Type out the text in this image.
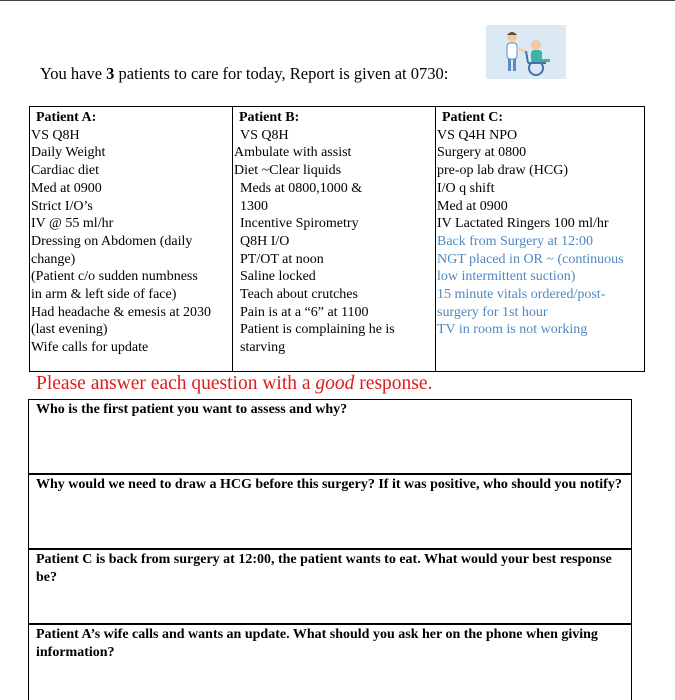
You have 3 patients to care for today, Report is given at 0730:
Patient A:
VS Q8H
Daily Weight
Cardiac diet
Med at 0900
Strict I/O’s
IV @ 55 ml/hr
Dressing on Abdomen (daily
change)
(Patient c/o sudden numbness
in arm & left side of face)
Had headache & emesis at 2030
(last evening)
Wife calls for update
Patient B:
VS Q8H
Ambulate with assist
Diet ~Clear liquids
Meds at 0800,1000 &
1300
Incentive Spirometry
Q8H I/O
PT/OT at noon
Saline locked
Teach about crutches
Pain is at a “6” at 1100
Patient is complaining he is
starving
Patient C:
VS Q4H NPO
Surgery at 0800
pre-op lab draw (HCG)
I/O q shift
Med at 0900
IV Lactated Ringers 100 ml/hr
Back from Surgery at 12:00
NGT placed in OR ~ (continuous
low intermittent suction)
15 minute vitals ordered/post-
surgery for 1st hour
TV in room is not working
Please answer each question with a good response.
Who is the first patient you want to assess and why?
Why would we need to draw a HCG before this surgery? If it was positive, who should you notify?
Patient C is back from surgery at 12:00, the patient wants to eat. What would your best response be?
Patient A’s wife calls and wants an update. What should you ask her on the phone when giving information?
